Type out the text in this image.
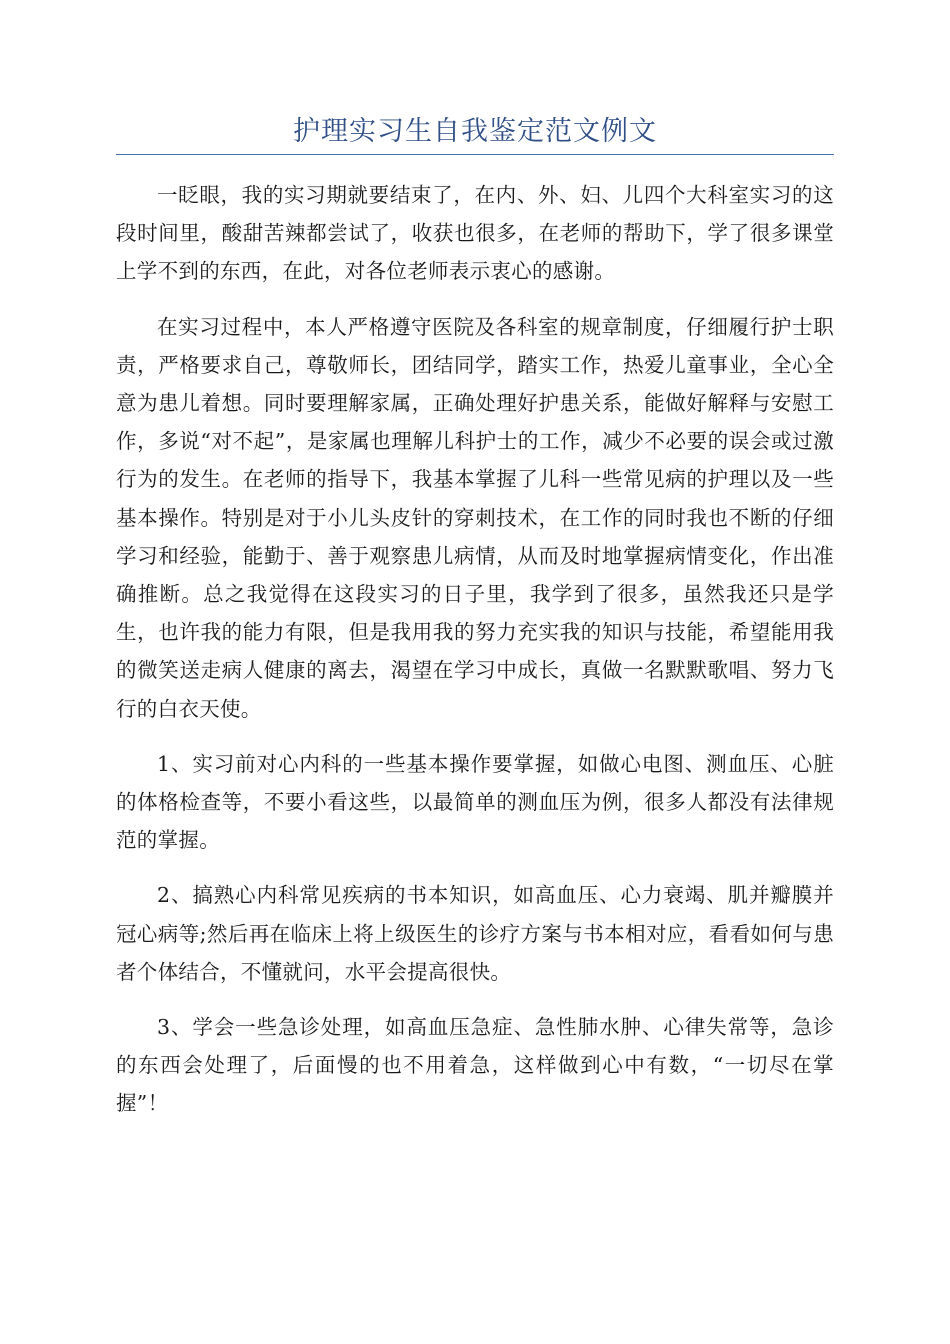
护理实习生自我鉴定范文例文

一眨眼，我的实习期就要结束了，在内、外、妇、儿四个大科室实习的这段时间里，酸甜苦辣都尝试了，收获也很多，在老师的帮助下，学了很多课堂上学不到的东西，在此，对各位老师表示衷心的感谢。

在实习过程中，本人严格遵守医院及各科室的规章制度，仔细履行护士职责，严格要求自己，尊敬师长，团结同学，踏实工作，热爱儿童事业，全心全意为患儿着想。同时要理解家属，正确处理好护患关系，能做好解释与安慰工作，多说“对不起”，是家属也理解儿科护士的工作，减少不必要的误会或过激行为的发生。在老师的指导下，我基本掌握了儿科一些常见病的护理以及一些基本操作。特别是对于小儿头皮针的穿刺技术，在工作的同时我也不断的仔细学习和经验，能勤于、善于观察患儿病情，从而及时地掌握病情变化，作出准确推断。总之我觉得在这段实习的日子里，我学到了很多，虽然我还只是学生，也许我的能力有限，但是我用我的努力充实我的知识与技能，希望能用我的微笑送走病人健康的离去，渴望在学习中成长，真做一名默默歌唱、努力飞行的白衣天使。

1、实习前对心内科的一些基本操作要掌握，如做心电图、测血压、心脏的体格检查等，不要小看这些，以最简单的测血压为例，很多人都没有法律规范的掌握。

2、搞熟心内科常见疾病的书本知识，如高血压、心力衰竭、肌并瓣膜并冠心病等;然后再在临床上将上级医生的诊疗方案与书本相对应，看看如何与患者个体结合，不懂就问，水平会提高很快。

3、学会一些急诊处理，如高血压急症、急性肺水肿、心律失常等，急诊的东西会处理了，后面慢的也不用着急，这样做到心中有数，“一切尽在掌握”！
